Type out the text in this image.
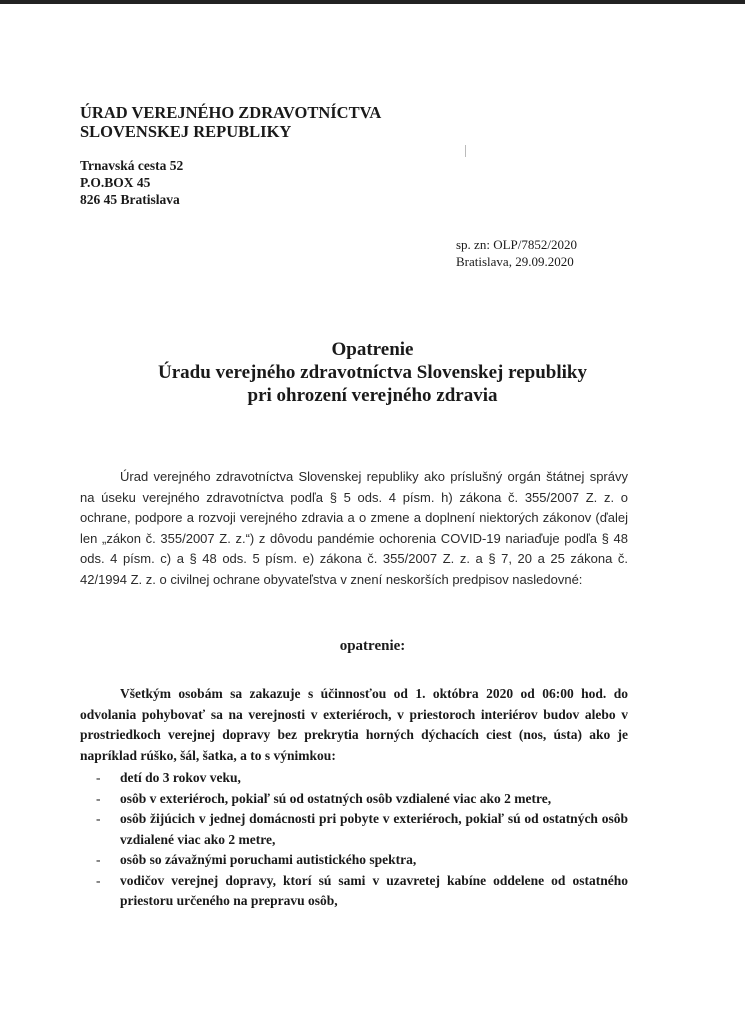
ÚRAD VEREJNÉHO ZDRAVOTNÍCTVA
SLOVENSKEJ REPUBLIKY
Trnavská cesta 52
P.O.BOX 45
826 45 Bratislava
sp. zn: OLP/7852/2020
Bratislava, 29.09.2020
Opatrenie
Úradu verejného zdravotníctva Slovenskej republiky
pri ohrození verejného zdravia
Úrad verejného zdravotníctva Slovenskej republiky ako príslušný orgán štátnej správy na úseku verejného zdravotníctva podľa § 5 ods. 4 písm. h) zákona č. 355/2007 Z. z. o ochrane, podpore a rozvoji verejného zdravia a o zmene a doplnení niektorých zákonov (ďalej len „zákon č. 355/2007 Z. z.“) z dôvodu pandémie ochorenia COVID-19 nariaďuje podľa § 48 ods. 4 písm. c) a § 48 ods. 5 písm. e) zákona č. 355/2007 Z. z. a § 7, 20 a 25 zákona č. 42/1994 Z. z. o civilnej ochrane obyvateľstva v znení neskorších predpisov nasledovné:
opatrenie:
Všetkým osobám sa zakazuje s účinnosťou od 1. októbra 2020 od 06:00 hod. do odvolania pohybovať sa na verejnosti v exteriéroch, v priestoroch interiérov budov alebo v prostriedkoch verejnej dopravy bez prekrytia horných dýchacích ciest (nos, ústa) ako je napríklad rúško, šál, šatka, a to s výnimkou:
- detí do 3 rokov veku,
- osôb v exteriéroch, pokiaľ sú od ostatných osôb vzdialené viac ako 2 metre,
- osôb žijúcich v jednej domácnosti pri pobyte v exteriéroch, pokiaľ sú od ostatných osôb vzdialené viac ako 2 metre,
- osôb so závažnými poruchami autistického spektra,
- vodičov verejnej dopravy, ktorí sú sami v uzavretej kabíne oddelene od ostatného priestoru určeného na prepravu osôb,
